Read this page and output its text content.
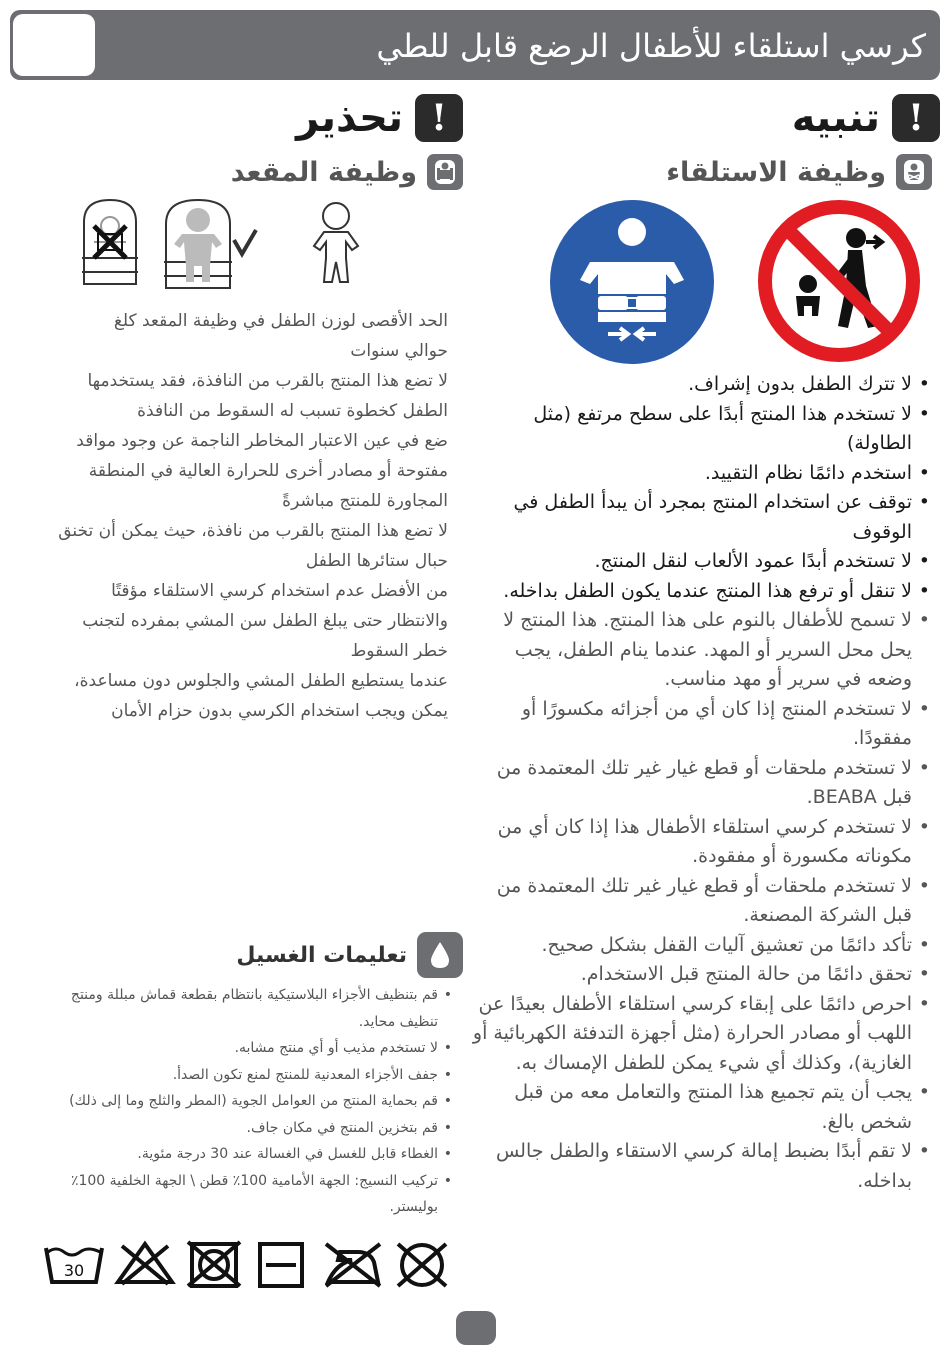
كرسي استلقاء للأطفال الرضع قابل للطي
!
تنبيه
وظيفة الاستلقاء
• لا تترك الطفل بدون إشراف.
• لا تستخدم هذا المنتج أبدًا على سطح مرتفع (مثل الطاولة)
• استخدم دائمًا نظام التقييد.
• توقف عن استخدام المنتج بمجرد أن يبدأ الطفل في الوقوف
• لا تستخدم أبدًا عمود الألعاب لنقل المنتج.
• لا تنقل أو ترفع هذا المنتج عندما يكون الطفل بداخله.
• لا تسمح للأطفال بالنوم على هذا المنتج. هذا المنتج لا يحل محل السرير أو المهد. عندما ينام الطفل، يجب وضعه في سرير أو مهد مناسب.
• لا تستخدم المنتج إذا كان أي من أجزائه مكسورًا أو مفقودًا.
• لا تستخدم ملحقات أو قطع غيار غير تلك المعتمدة من قبل BEABA.
• لا تستخدم كرسي استلقاء الأطفال هذا إذا كان أي من مكوناته مكسورة أو مفقودة.
• لا تستخدم ملحقات أو قطع غيار غير تلك المعتمدة من قبل الشركة المصنعة.
• تأكد دائمًا من تعشيق آليات القفل بشكل صحيح.
• تحقق دائمًا من حالة المنتج قبل الاستخدام.
• احرص دائمًا على إبقاء كرسي استلقاء الأطفال بعيدًا عن اللهب أو مصادر الحرارة (مثل أجهزة التدفئة الكهربائية أو الغازية)، وكذلك أي شيء يمكن للطفل الإمساك به.
• يجب أن يتم تجميع هذا المنتج والتعامل معه من قبل شخص بالغ.
• لا تقم أبدًا بضبط إمالة كرسي الاستقاء والطفل جالس بداخله.
!
تحذير
وظيفة المقعد

الحد الأقصى لوزن الطفل في وظيفة المقعد كلغ

حوالي سنوات

لا تضع هذا المنتج بالقرب من النافذة، فقد يستخدمها الطفل كخطوة تسبب له السقوط من النافذة

ضع في عين الاعتبار المخاطر الناجمة عن وجود مواقد مفتوحة أو مصادر أخرى للحرارة العالية في المنطقة المجاورة للمنتج مباشرةً

لا تضع هذا المنتج بالقرب من نافذة، حيث يمكن أن تخنق حبال ستائرها الطفل

من الأفضل عدم استخدام كرسي الاستلقاء مؤقتًا والانتظار حتى يبلغ الطفل سن المشي بمفرده لتجنب خطر السقوط

عندما يستطيع الطفل المشي والجلوس دون مساعدة، يمكن ويجب استخدام الكرسي بدون حزام الأمان

تعليمات الغسيل
• قم بتنظيف الأجزاء البلاستيكية بانتظام بقطعة قماش مبللة ومنتج تنظيف محايد.
• لا تستخدم مذيب أو أي منتج مشابه.
• جفف الأجزاء المعدنية للمنتج لمنع تكون الصدأ.
• قم بحماية المنتج من العوامل الجوية (المطر والثلج وما إلى ذلك)
• قم بتخزين المنتج في مكان جاف.
• الغطاء قابل للغسل في الغسالة عند 30 درجة مئوية.
• تركيب النسيج: الجهة الأمامية 100٪ قطن \ الجهة الخلفية 100٪ بوليستر.
30
